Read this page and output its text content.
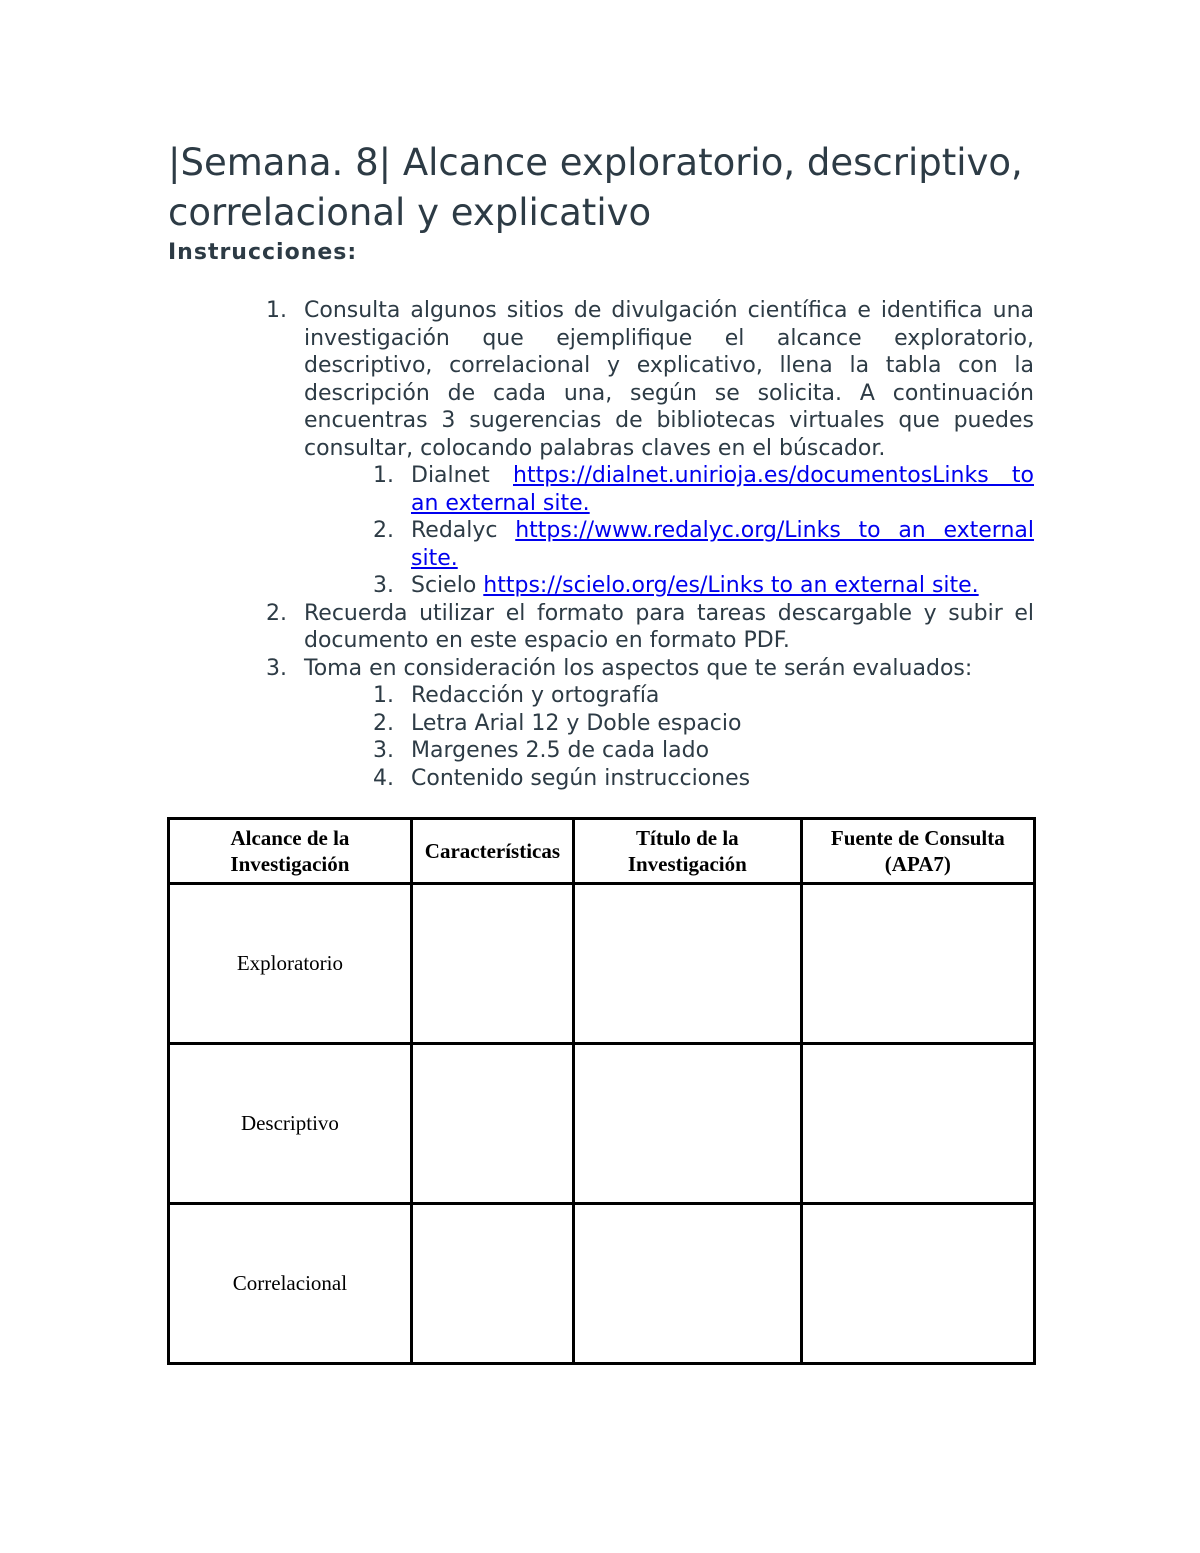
|Semana. 8| Alcance exploratorio, descriptivo, correlacional y explicativo
Instrucciones:
1. Consulta algunos sitios de divulgación científica e identifica una investigación que ejemplifique el alcance exploratorio, descriptivo, correlacional y explicativo, llena la tabla con la descripción de cada una, según se solicita. A continuación encuentras 3 sugerencias de bibliotecas virtuales que puedes consultar, colocando palabras claves en el búscador.
1. Dialnet https://dialnet.unirioja.es/documentosLinks to an external site.
2. Redalyc https://www.redalyc.org/Links to an external site.
3. Scielo https://scielo.org/es/Links to an external site.
2. Recuerda utilizar el formato para tareas descargable y subir el documento en este espacio en formato PDF.
3. Toma en consideración los aspectos que te serán evaluados:
1. Redacción y ortografía
2. Letra Arial 12 y Doble espacio
3. Margenes 2.5 de cada lado
4. Contenido según instrucciones
Alcance de la Investigación	Características	Título de la Investigación	Fuente de Consulta (APA7)
Exploratorio			
Descriptivo			
Correlacional			
